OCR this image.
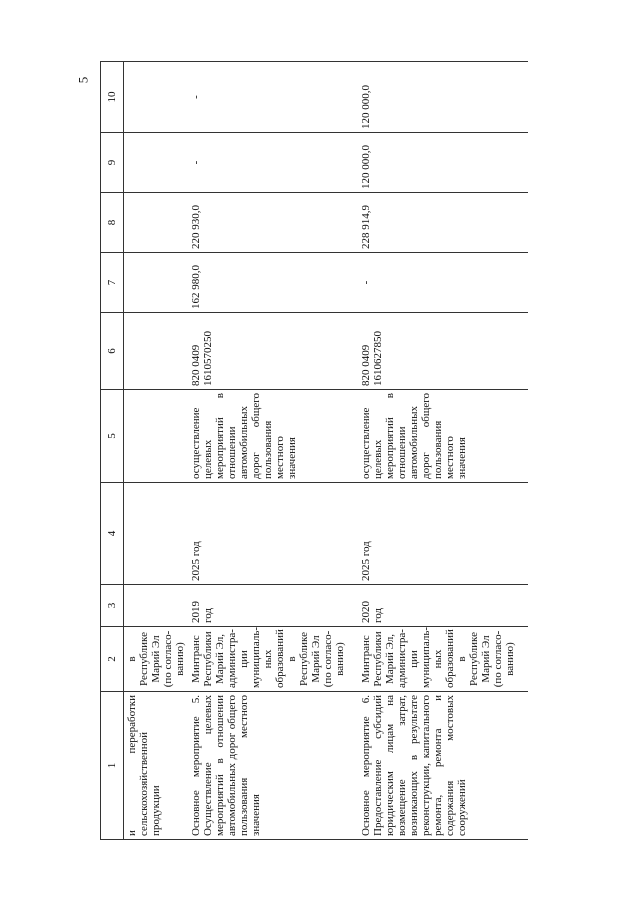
5
1	2	3	4	5	6	7	8	9	10
и переработки сельскохозяйственной продукции	в Республике Марий Эл (по согласо-ванию)								
Основное мероприятие 5. Осуществление целевых мероприятий в отношении автомобильных дорог общего пользования местного значения	Минтранс Республики Марий Эл, администра-ции муниципаль-ных образований в Республике Марий Эл (по согласо-ванию)	2019 год	2025 год	осуществление целевых мероприятий в отношении автомобильных дорог общего пользования местного значения	820 0409 1610570250	162 980,0	220 930,0	-	-
Основное мероприятие 6. Предоставление субсидий юридическим лицам на возмещение затрат, возникающих в результате реконструкции, капитального ремонта, ремонта и содержания мостовых сооружений	Минтранс Республики Марий Эл, администра-ции муниципаль-ных образований в Республике Марий Эл (по согласо-ванию)	2020 год	2025 год	осуществление целевых мероприятий в отношении автомобильных дорог общего пользования местного значения	820 0409 1610627850	-	228 914,9	120 000,0	120 000,0
